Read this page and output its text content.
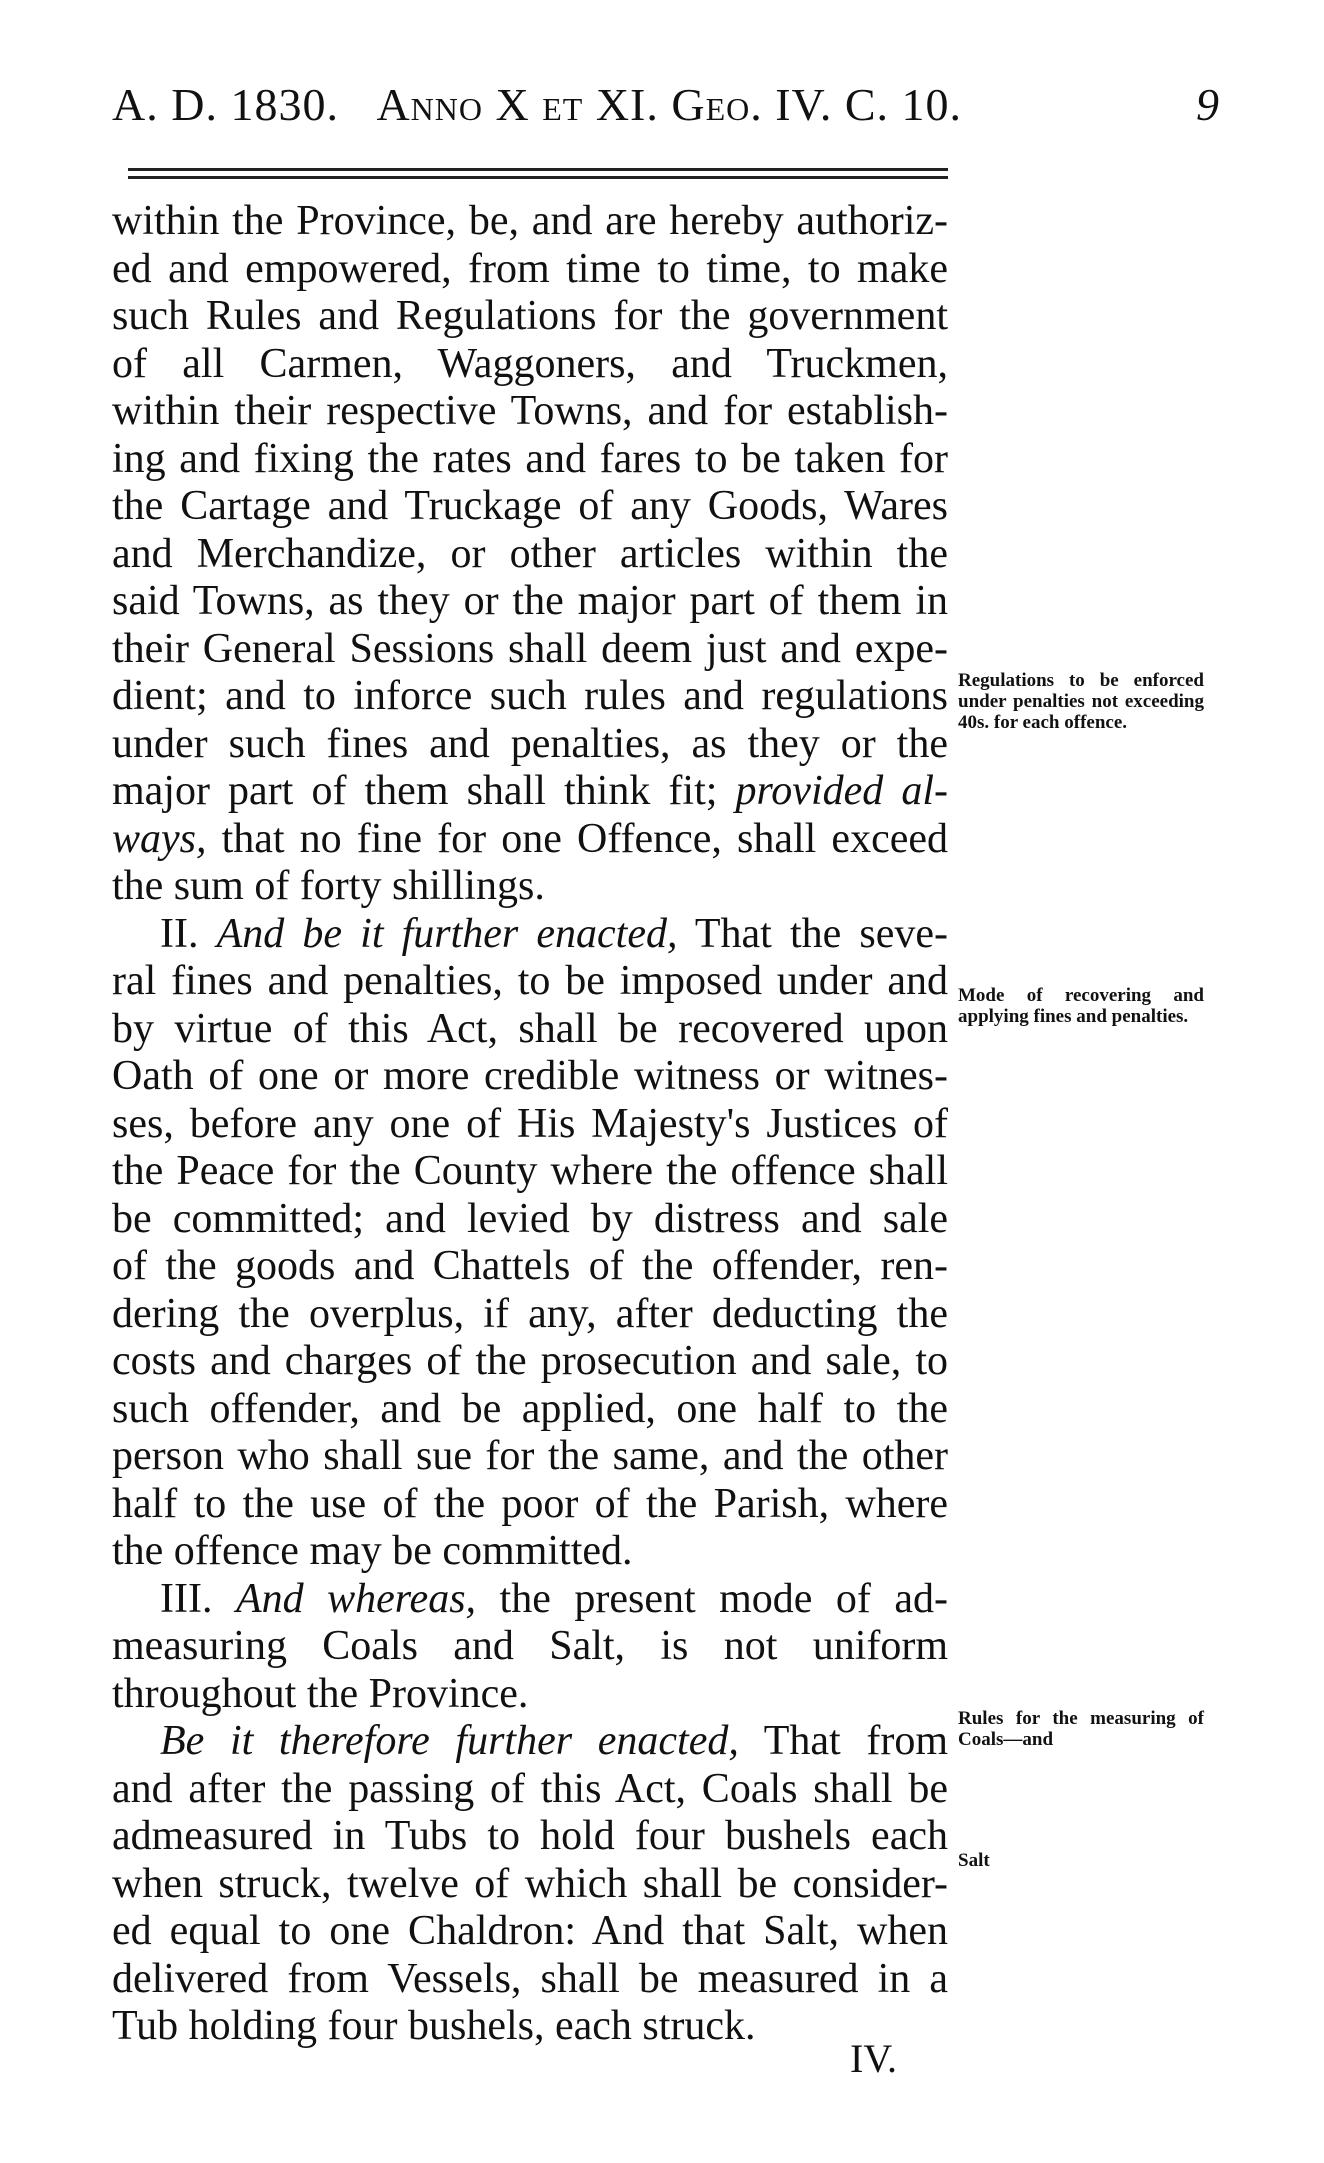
A. D. 1830. Anno X et XI. Geo. IV. C. 10.	9
within the Province, be, and are hereby authoriz-
ed and empowered, from time to time, to make
such Rules and Regulations for the government
of all Carmen, Waggoners, and Truckmen,
within their respective Towns, and for establish-
ing and fixing the rates and fares to be taken for
the Cartage and Truckage of any Goods, Wares
and Merchandize, or other articles within the
said Towns, as they or the major part of them in
their General Sessions shall deem just and expe-
dient; and to inforce such rules and regulations
under such fines and penalties, as they or the
major part of them shall think fit; provided al-
ways, that no fine for one Offence, shall exceed
the sum of forty shillings.
II. And be it further enacted, That the seve-
ral fines and penalties, to be imposed under and
by virtue of this Act, shall be recovered upon
Oath of one or more credible witness or witnes-
ses, before any one of His Majesty's Justices of
the Peace for the County where the offence shall
be committed; and levied by distress and sale
of the goods and Chattels of the offender, ren-
dering the overplus, if any, after deducting the
costs and charges of the prosecution and sale, to
such offender, and be applied, one half to the
person who shall sue for the same, and the other
half to the use of the poor of the Parish, where
the offence may be committed.
III. And whereas, the present mode of ad-
measuring Coals and Salt, is not uniform
throughout the Province.
Be it therefore further enacted, That from
and after the passing of this Act, Coals shall be
admeasured in Tubs to hold four bushels each
when struck, twelve of which shall be consider-
ed equal to one Chaldron: And that Salt, when
delivered from Vessels, shall be measured in a
Tub holding four bushels, each struck.
Regulations to be enforced under penalties not exceeding 40s. for each offence.
Mode of recovering and applying fines and penalties.
Rules for the measuring of Coals—and
Salt
IV.
